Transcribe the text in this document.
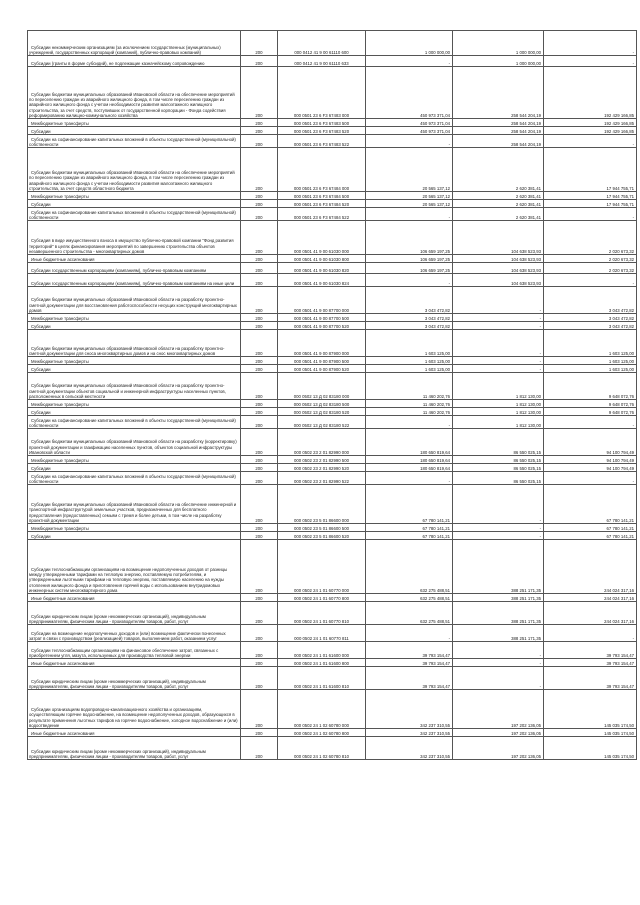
Субсидии некоммерческим организациям (за исключением государственных (муниципальных) учреждений, государственных корпораций (компаний), публично-правовых компаний)	200	000 0412 41 9 00 61110 600	1 000 000,00	1 000 000,00	-

Субсидии (гранты в форме субсидий), не подлежащие казначейскому сопровождению	200	000 0412 41 9 00 61110 633	-	1 000 000,00	-

Субсидии бюджетам муниципальных образований Ивановской области на обеспечение мероприятий по переселению граждан из аварийного жилищного фонда, в том числе переселению граждан из аварийного жилищного фонда с учетом необходимости развития малоэтажного жилищного строительства, за счет средств, поступивших от государственной корпорации - Фонда содействия реформированию жилищно-коммунального хозяйства	200	000 0501 23 6 F3 67483 000	450 973 371,04	258 544 204,19	192 429 166,85

Межбюджетные трансферты	200	000 0501 23 6 F3 67483 500	450 973 371,04	258 544 204,19	192 429 166,85

Субсидии	200	000 0501 23 6 F3 67483 520	450 973 371,04	258 544 204,19	192 429 166,85

Субсидии на софинансирование капитальных вложений в объекты государственной (муниципальной) собственности	200	000 0501 23 6 F3 67483 522	-	258 544 204,19	-

Субсидии бюджетам муниципальных образований Ивановской области на обеспечение мероприятий по переселению граждан из аварийного жилищного фонда, в том числе переселению граждан из аварийного жилищного фонда с учетом необходимости развития малоэтажного жилищного строительства, за счет средств областного бюджета	200	000 0501 23 6 F3 67484 000	20 565 137,12	2 620 381,41	17 944 755,71

Межбюджетные трансферты	200	000 0501 23 6 F3 67484 500	20 565 137,12	2 620 381,41	17 944 755,71

Субсидии	200	000 0501 23 6 F3 67484 520	20 565 137,12	2 620 381,41	17 944 755,71

Субсидии на софинансирование капитальных вложений в объекты государственной (муниципальной) собственности	200	000 0501 23 6 F3 67484 522	-	2 620 381,41	-

Субсидия в виде имущественного взноса в имущество публично-правовой компании "Фонд развития территорий" в целях финансирования мероприятий по завершению строительства объектов незавершенного строительства - многоквартирных домов	200	000 0501 41 9 00 61030 000	106 659 197,25	104 638 523,93	2 020 673,32

Иные бюджетные ассигнования	200	000 0501 41 9 00 61030 800	106 659 197,25	104 638 523,93	2 020 673,32

Субсидии государственным корпорациям (компаниям), публично-правовым компаниям	200	000 0501 41 9 00 61030 820	106 659 197,25	104 638 523,93	2 020 673,32

Субсидии государственным корпорациям (компаниям), публично-правовым компаниям на иные цели	200	000 0501 41 9 00 61030 824	-	104 638 523,93	-

Субсидии бюджетам муниципальных образований Ивановской области на разработку проектно-сметной документации для восстановления работоспособности несущих конструкций многоквартирных домов	200	000 0501 41 9 00 87700 000	3 043 472,82	-	3 043 472,82

Межбюджетные трансферты	200	000 0501 41 9 00 87700 500	3 043 472,82	-	3 043 472,82

Субсидии	200	000 0501 41 9 00 87700 520	3 043 472,82	-	3 043 472,82

Субсидии бюджетам муниципальных образований Ивановской области на разработку проектно-сметной документации для сноса многоквартирных домов и на снос многоквартирных домов	200	000 0501 41 9 00 87900 000	1 603 125,00	-	1 603 125,00

Межбюджетные трансферты	200	000 0501 41 9 00 87900 500	1 603 125,00	-	1 603 125,00

Субсидии	200	000 0501 41 9 00 87900 520	1 603 125,00	-	1 603 125,00

Субсидии бюджетам муниципальных образований Ивановской области на разработку проектно-сметной документации объектов социальной и инженерной инфраструктуры населенных пунктов, расположенных в сельской местности	200	000 0502 13 Д 02 83180 000	11 460 202,76	1 812 130,00	9 648 072,76

Межбюджетные трансферты	200	000 0502 13 Д 02 83180 500	11 460 202,76	1 812 130,00	9 648 072,76

Субсидии	200	000 0502 13 Д 02 83180 520	11 460 202,76	1 812 130,00	9 648 072,76

Субсидии на софинансирование капитальных вложений в объекты государственной (муниципальной) собственности	200	000 0502 13 Д 02 83180 522	-	1 812 130,00	-

Субсидии бюджетам муниципальных образований Ивановской области на разработку (корректировку) проектной документации и газификацию населенных пунктов, объектов социальной инфраструктуры Ивановской области	200	000 0502 23 2 01 82990 000	180 650 819,64	86 550 025,15	94 100 794,49

Межбюджетные трансферты	200	000 0502 23 2 01 82990 500	180 650 819,64	86 550 025,15	94 100 794,49

Субсидии	200	000 0502 23 2 01 82990 520	180 650 819,64	86 550 025,15	94 100 794,49

Субсидии на софинансирование капитальных вложений в объекты государственной (муниципальной) собственности	200	000 0502 23 2 01 82990 522	-	86 550 025,15	-

Субсидии бюджетам муниципальных образований Ивановской области на обеспечение инженерной и транспортной инфраструктурой земельных участков, предназначенных для бесплатного предоставления (предоставленных) семьям с тремя и более детьми, в том числе на разработку проектной документации	200	000 0502 23 5 01 86600 000	67 780 141,21	-	67 780 141,21

Межбюджетные трансферты	200	000 0502 23 5 01 86600 500	67 780 141,21	-	67 780 141,21

Субсидии	200	000 0502 23 5 01 86600 520	67 780 141,21	-	67 780 141,21

Субсидии теплоснабжающим организациям на возмещение недополученных доходов от разницы между утвержденными тарифами на тепловую энергию, поставляемую потребителям, и утвержденными льготными тарифами на тепловую энергию, поставляемую населению на нужды отопления жилищного фонда и приготовления горячей воды с использованием внутридомовых инженерных систем многоквартирного дома	200	000 0502 24 1 01 60770 000	632 275 488,51	388 251 171,35	244 024 317,16

Иные бюджетные ассигнования	200	000 0502 24 1 01 60770 800	632 275 488,51	388 251 171,35	244 024 317,16

Субсидии юридическим лицам (кроме некоммерческих организаций), индивидуальным предпринимателям, физическим лицам - производителям товаров, работ, услуг	200	000 0502 24 1 01 60770 810	632 275 488,51	388 251 171,35	244 024 317,16

Субсидии на возмещение недополученных доходов и (или) возмещение фактически понесенных затрат в связи с производством (реализацией) товаров, выполнением работ, оказанием услуг	200	000 0502 24 1 01 60770 811	-	388 251 171,35	-

Субсидии теплоснабжающим организациям на финансовое обеспечение затрат, связанных с приобретением угля, мазута, используемых для производства тепловой энергии	200	000 0502 24 1 01 61600 000	39 793 154,47	-	39 793 154,47

Иные бюджетные ассигнования	200	000 0502 24 1 01 61600 800	39 793 154,47	-	39 793 154,47

Субсидии юридическим лицам (кроме некоммерческих организаций), индивидуальным предпринимателям, физическим лицам - производителям товаров, работ, услуг	200	000 0502 24 1 01 61600 810	39 793 154,47	-	39 793 154,47

Субсидии организациям водопроводно-канализационного хозяйства и организациям, осуществляющим горячее водоснабжение, на возмещение недополученных доходов, образующихся в результате применения льготных тарифов на горячее водоснабжение, холодное водоснабжение и (или) водоотведение	200	000 0502 24 1 02 60780 000	342 237 310,55	197 202 136,05	145 035 174,50

Иные бюджетные ассигнования	200	000 0502 24 1 02 60780 800	342 237 310,55	197 202 136,05	145 035 174,50

Субсидии юридическим лицам (кроме некоммерческих организаций), индивидуальным предпринимателям, физическим лицам - производителям товаров, работ, услуг	200	000 0502 24 1 02 60780 810	342 237 310,55	197 202 136,05	145 035 174,50
